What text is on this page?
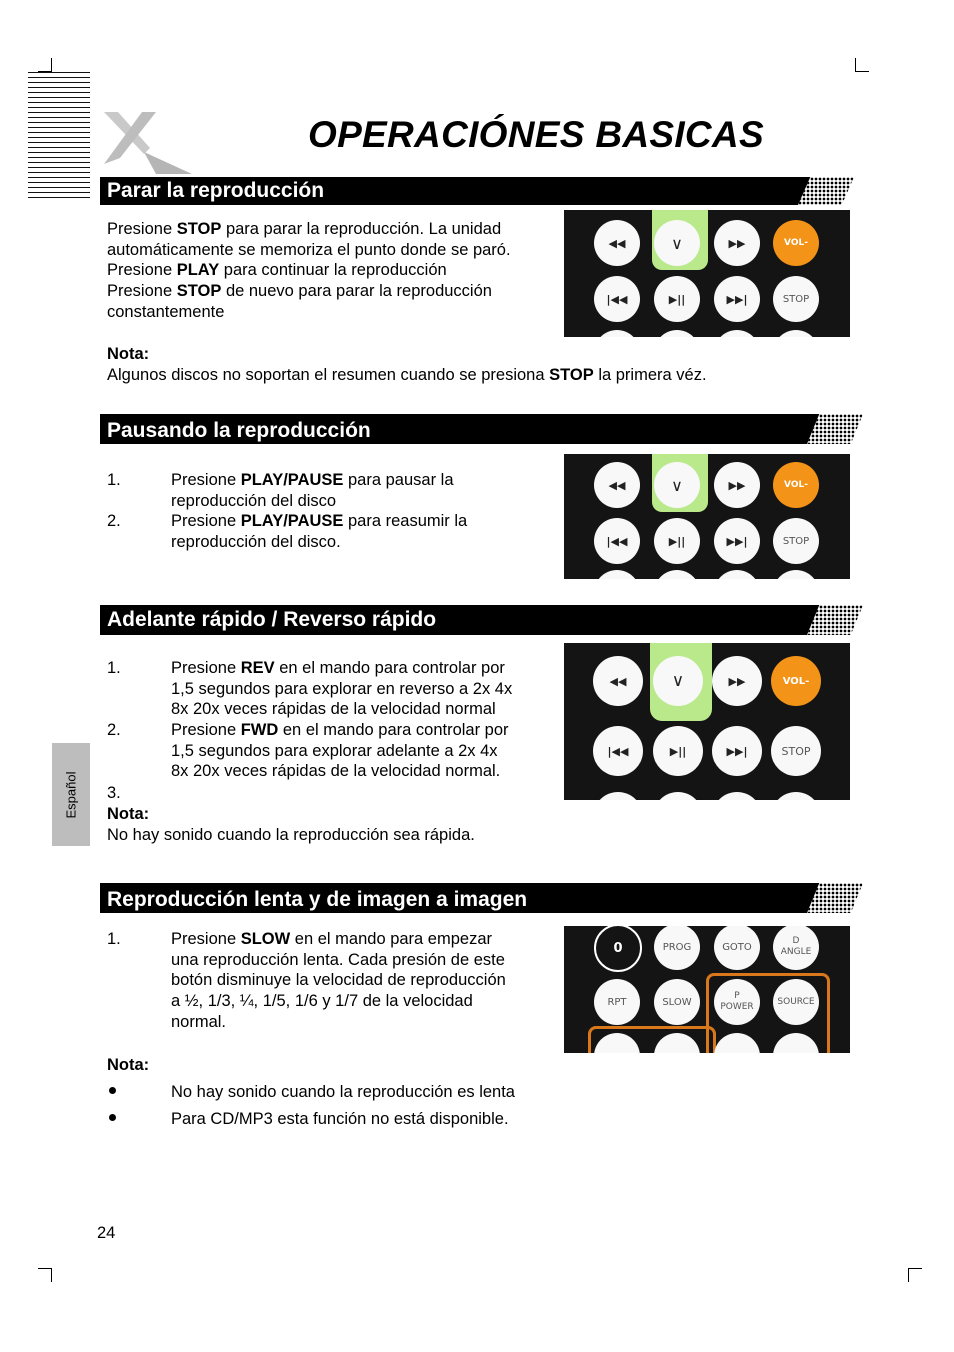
OPERACIÓNES BASICAS
Parar la reproducción
Presione STOP para parar la reproducción. La unidad
automáticamente se memoriza el punto donde se paró.
Presione PLAY para continuar la reproducción
Presione STOP de nuevo para parar la reproducción
constantemente
Nota:
Algunos discos no soportan el resumen cuando se presiona STOP la primera véz.
◀◀	∨	▶▶	VOL-
|◀◀	▶||	▶▶|	STOP
Pausando la reproducción
1.	Presione PLAY/PAUSE para pausar la
reproducción del disco
2.	Presione PLAY/PAUSE para reasumir la
reproducción del disco.
◀◀	∨	▶▶	VOL-
|◀◀	▶||	▶▶|	STOP
Adelante rápido / Reverso rápido
1.	Presione REV en el mando para controlar por
1,5 segundos para explorar en reverso a 2x 4x
8x 20x veces rápidas de la velocidad normal
2.	Presione FWD en el mando para controlar por
1,5 segundos para explorar adelante a 2x 4x
8x 20x veces rápidas de la velocidad normal.
3.
Nota:
No hay sonido cuando la reproducción sea rápida.
◀◀	∨	▶▶	VOL-
|◀◀	▶||	▶▶|	STOP
Reproducción lenta y de imagen a imagen
1.	Presione SLOW en el mando para empezar
una reproducción lenta. Cada presión de este
botón disminuye la velocidad de reproducción
a ½, 1/3, ¼, 1/5, 1/6 y 1/7 de la velocidad
normal.
Nota:
No hay sonido cuando la reproducción es lenta
Para CD/MP3 esta función no está disponible.
0	PROG	GOTO
D
ANGLE
RPT	SLOW
P
POWER
SOURCE
Español
24
